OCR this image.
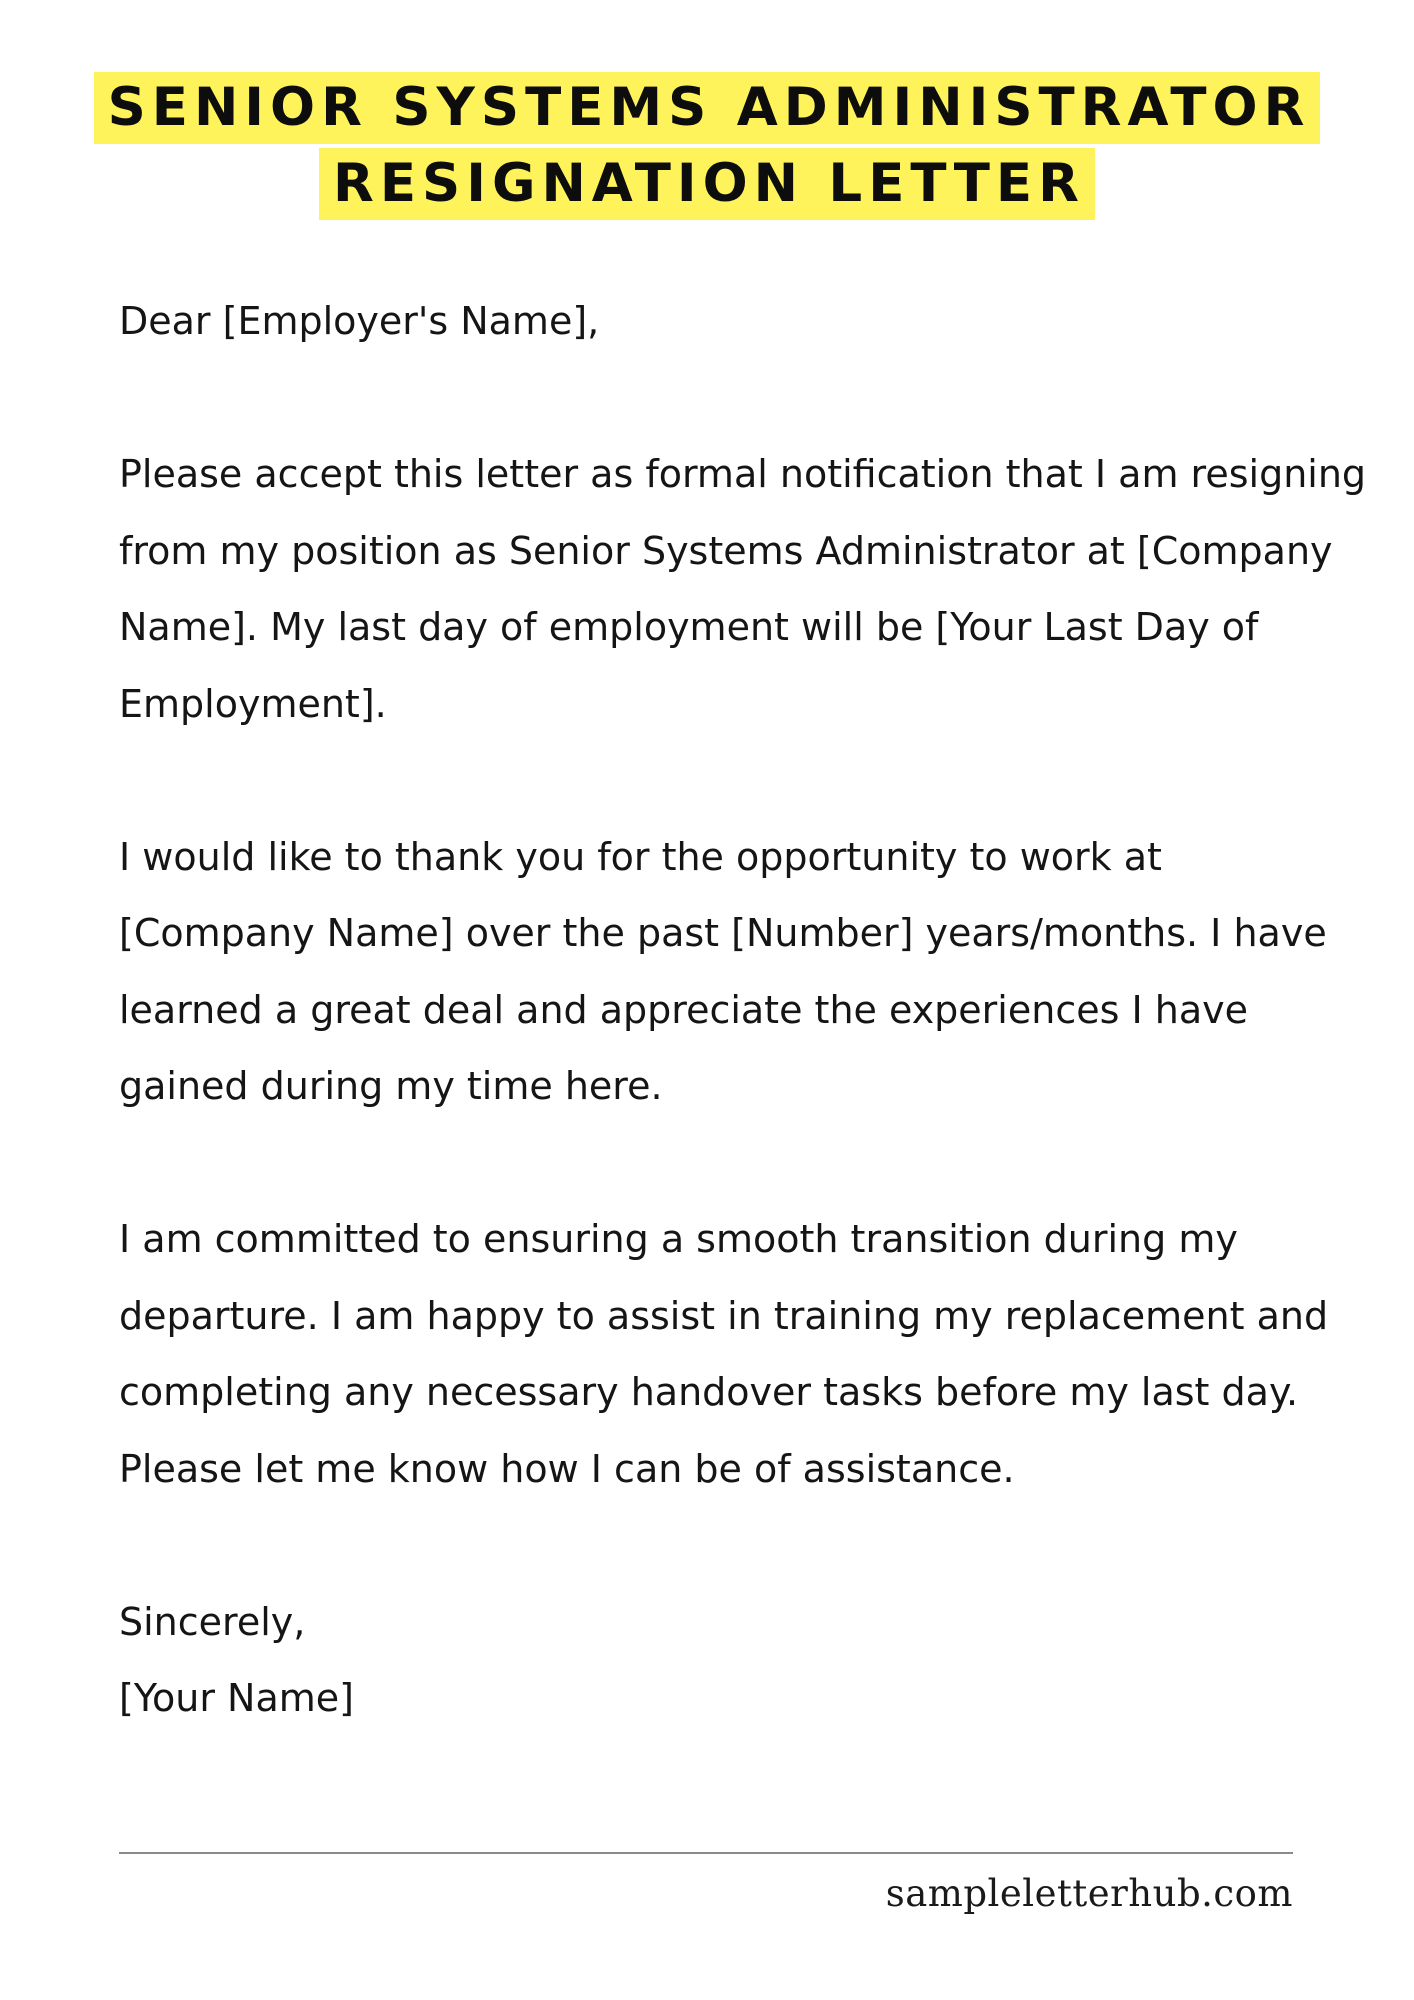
SENIOR SYSTEMS ADMINISTRATOR
RESIGNATION LETTER

Dear [Employer's Name],

Please accept this letter as formal notification that I am resigning from my position as Senior Systems Administrator at [Company Name]. My last day of employment will be [Your Last Day of Employment].

I would like to thank you for the opportunity to work at [Company Name] over the past [Number] years/months. I have learned a great deal and appreciate the experiences I have gained during my time here.

I am committed to ensuring a smooth transition during my departure. I am happy to assist in training my replacement and completing any necessary handover tasks before my last day. Please let me know how I can be of assistance.

Sincerely,

[Your Name]

sampleletterhub.com
